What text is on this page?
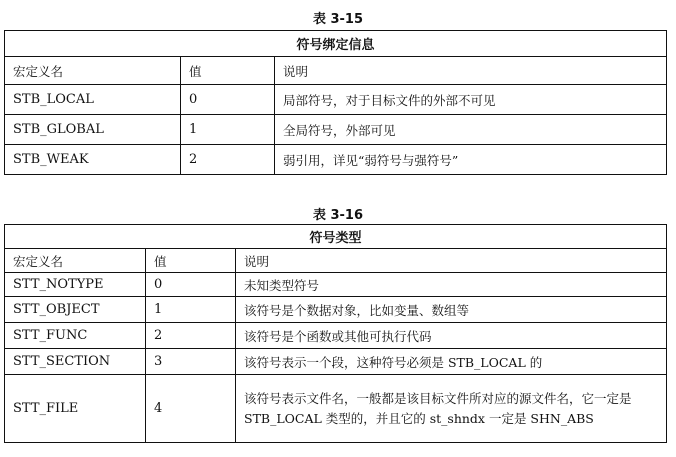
表 3-15
符号绑定信息		
宏定义名	值	说明
STB_LOCAL	0	局部符号，对于目标文件的外部不可见
STB_GLOBAL	1	全局符号，外部可见
STB_WEAK	2	弱引用，详见“弱符号与强符号”
表 3-16
符号类型		
宏定义名	值	说明
STT_NOTYPE	0	未知类型符号
STT_OBJECT	1	该符号是个数据对象，比如变量、数组等
STT_FUNC	2	该符号是个函数或其他可执行代码
STT_SECTION	3	该符号表示一个段，这种符号必须是 STB_LOCAL 的
STT_FILE	4	该符号表示文件名，一般都是该目标文件所对应的源文件名，它一定是 STB_LOCAL 类型的，并且它的 st_shndx 一定是 SHN_ABS
